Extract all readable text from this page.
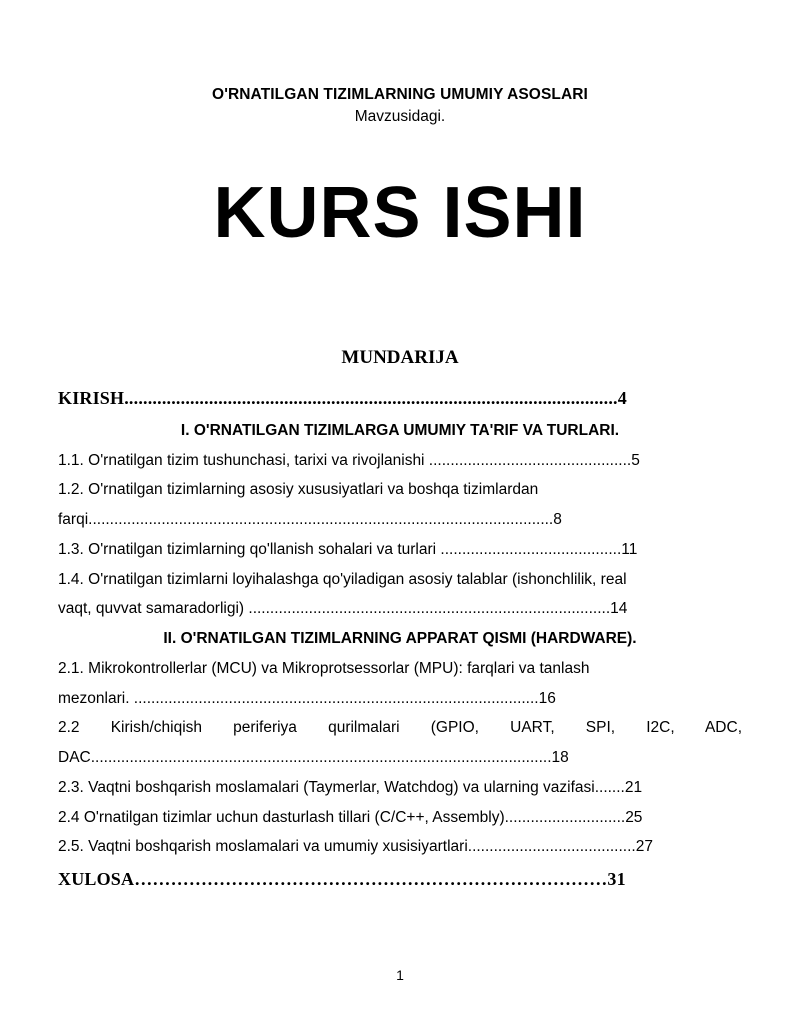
O'RNATILGAN TIZIMLARNING UMUMIY ASOSLARI
Mavzusidagi.
KURS ISHI
MUNDARIJA
KIRISH.........................................................................................................4
I. O'RNATILGAN TIZIMLARGA UMUMIY TA'RIF VA TURLARI.
1.1. O'rnatilgan tizim tushunchasi, tarixi va rivojlanishi ...............................................5
1.2. O'rnatilgan tizimlarning asosiy xususiyatlari va boshqa tizimlardan
farqi............................................................................................................8
1.3. O'rnatilgan tizimlarning qo'llanish sohalari va turlari ..........................................11
1.4. O'rnatilgan tizimlarni loyihalashga qo'yiladigan asosiy talablar (ishonchlilik, real
vaqt, quvvat samaradorligi) ....................................................................................14
II. O'RNATILGAN TIZIMLARNING APPARAT QISMI (HARDWARE).
2.1. Mikrokontrollerlar (MCU) va Mikroprotsessorlar (MPU): farqlari va tanlash
mezonlari. ..............................................................................................16
2.2 Kirish/chiqish periferiya qurilmalari (GPIO, UART, SPI, I2C, ADC,
DAC...........................................................................................................18
2.3. Vaqtni boshqarish moslamalari (Taymerlar, Watchdog) va ularning vazifasi.......21
2.4 O'rnatilgan tizimlar uchun dasturlash tillari (C/C++, Assembly)............................25
2.5. Vaqtni boshqarish moslamalari va umumiy xusisiyartlari.......................................27
XULOSA……………………………………………………………………31
1
